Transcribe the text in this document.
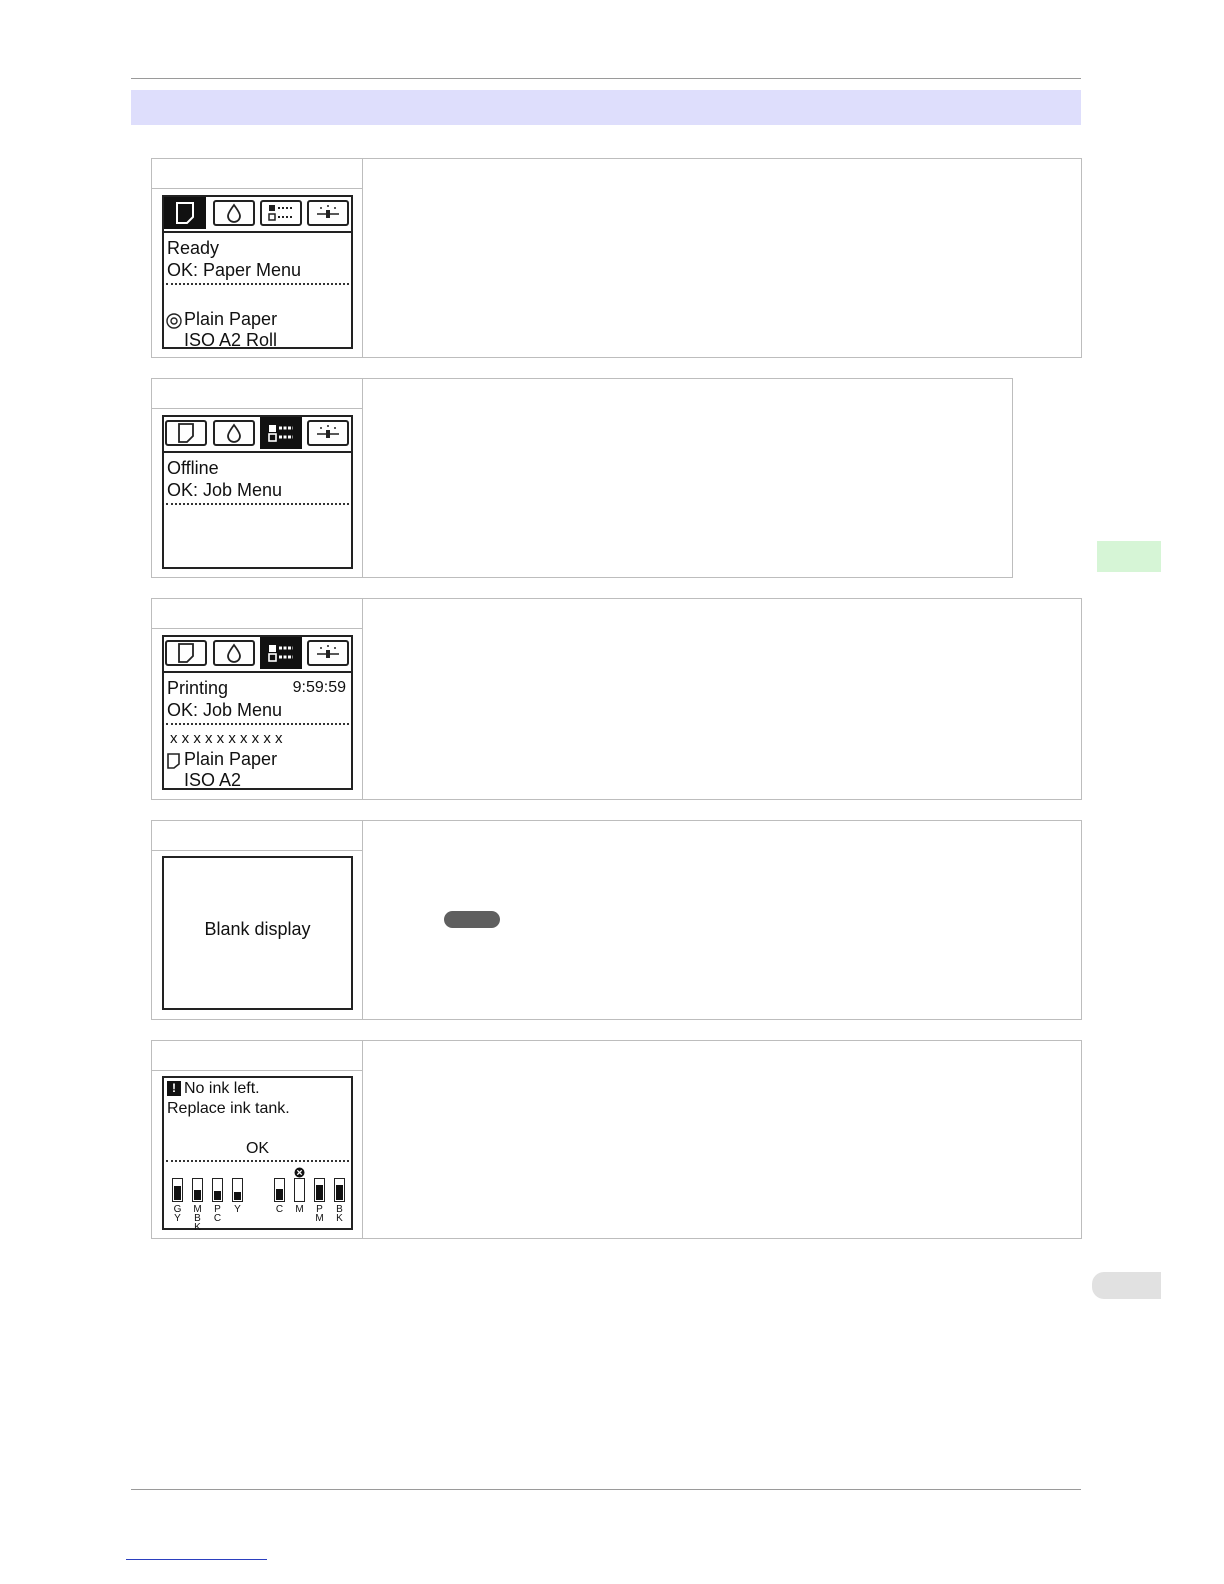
Ready
OK: Paper Menu
Plain Paper
ISO A2 Roll
Offline
OK: Job Menu
Printing	9:59:59
OK: Job Menu
x x x x x x x x x x
Plain Paper
ISO A2
Blank display
! No ink left.
Replace ink tank.
OK
G
Y
M
B
K
P
C
Y	C	M	P
M
B
K
